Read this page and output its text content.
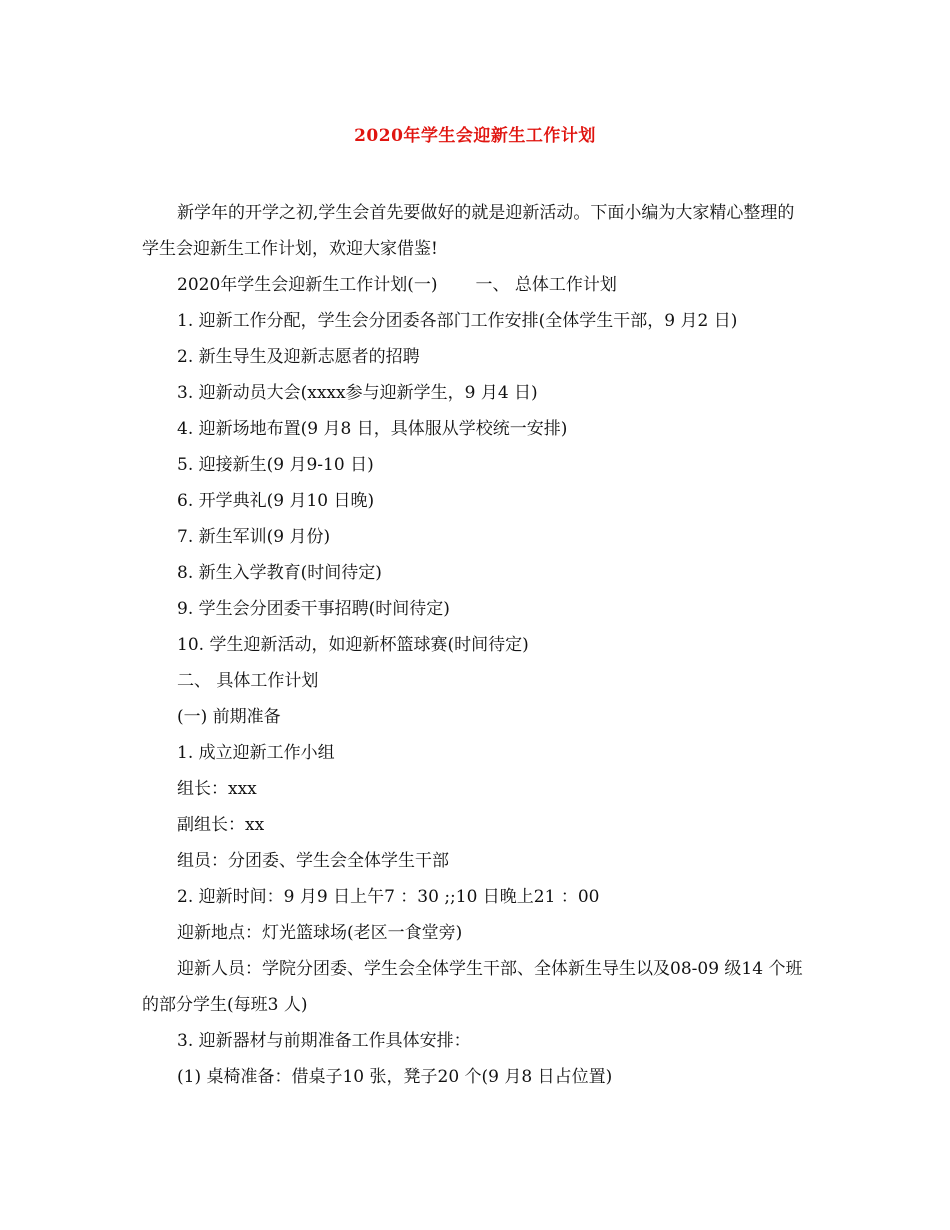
2020年学生会迎新生工作计划

新学年的开学之初,学生会首先要做好的就是迎新活动。下面小编为大家精心整理的学生会迎新生工作计划，欢迎大家借鉴!

2020年学生会迎新生工作计划(一) 一、 总体工作计划

1. 迎新工作分配，学生会分团委各部门工作安排(全体学生干部，9 月2 日)

2. 新生导生及迎新志愿者的招聘

3. 迎新动员大会(xxxx参与迎新学生，9 月4 日)

4. 迎新场地布置(9 月8 日，具体服从学校统一安排)

5. 迎接新生(9 月9-10 日)

6. 开学典礼(9 月10 日晚)

7. 新生军训(9 月份)

8. 新生入学教育(时间待定)

9. 学生会分团委干事招聘(时间待定)

10. 学生迎新活动，如迎新杯篮球赛(时间待定)

二、 具体工作计划

(一) 前期准备

1. 成立迎新工作小组

组长：xxx

副组长：xx

组员：分团委、学生会全体学生干部

2. 迎新时间：9 月9 日上午7 ：30 ;;10 日晚上21 ：00

迎新地点：灯光篮球场(老区一食堂旁)

迎新人员：学院分团委、学生会全体学生干部、全体新生导生以及08-09 级14 个班的部分学生(每班3 人)

3. 迎新器材与前期准备工作具体安排：

(1) 桌椅准备：借桌子10 张，凳子20 个(9 月8 日占位置)
